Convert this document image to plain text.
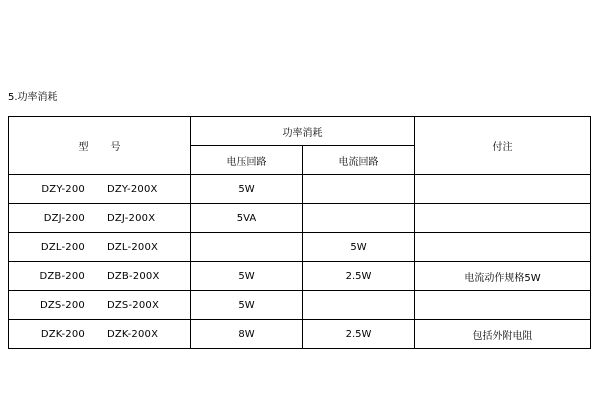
5.功率消耗
型　号	功率消耗		付注
	电压回路	电流回路	

DZY-200 DZY-200X	5W		

DZJ-200 DZJ-200X	5VA		

DZL-200 DZL-200X		5W	

DZB-200 DZB-200X	5W	2.5W	电流动作规格5W

DZS-200 DZS-200X	5W		

DZK-200 DZK-200X	8W	2.5W	包括外附电阻
